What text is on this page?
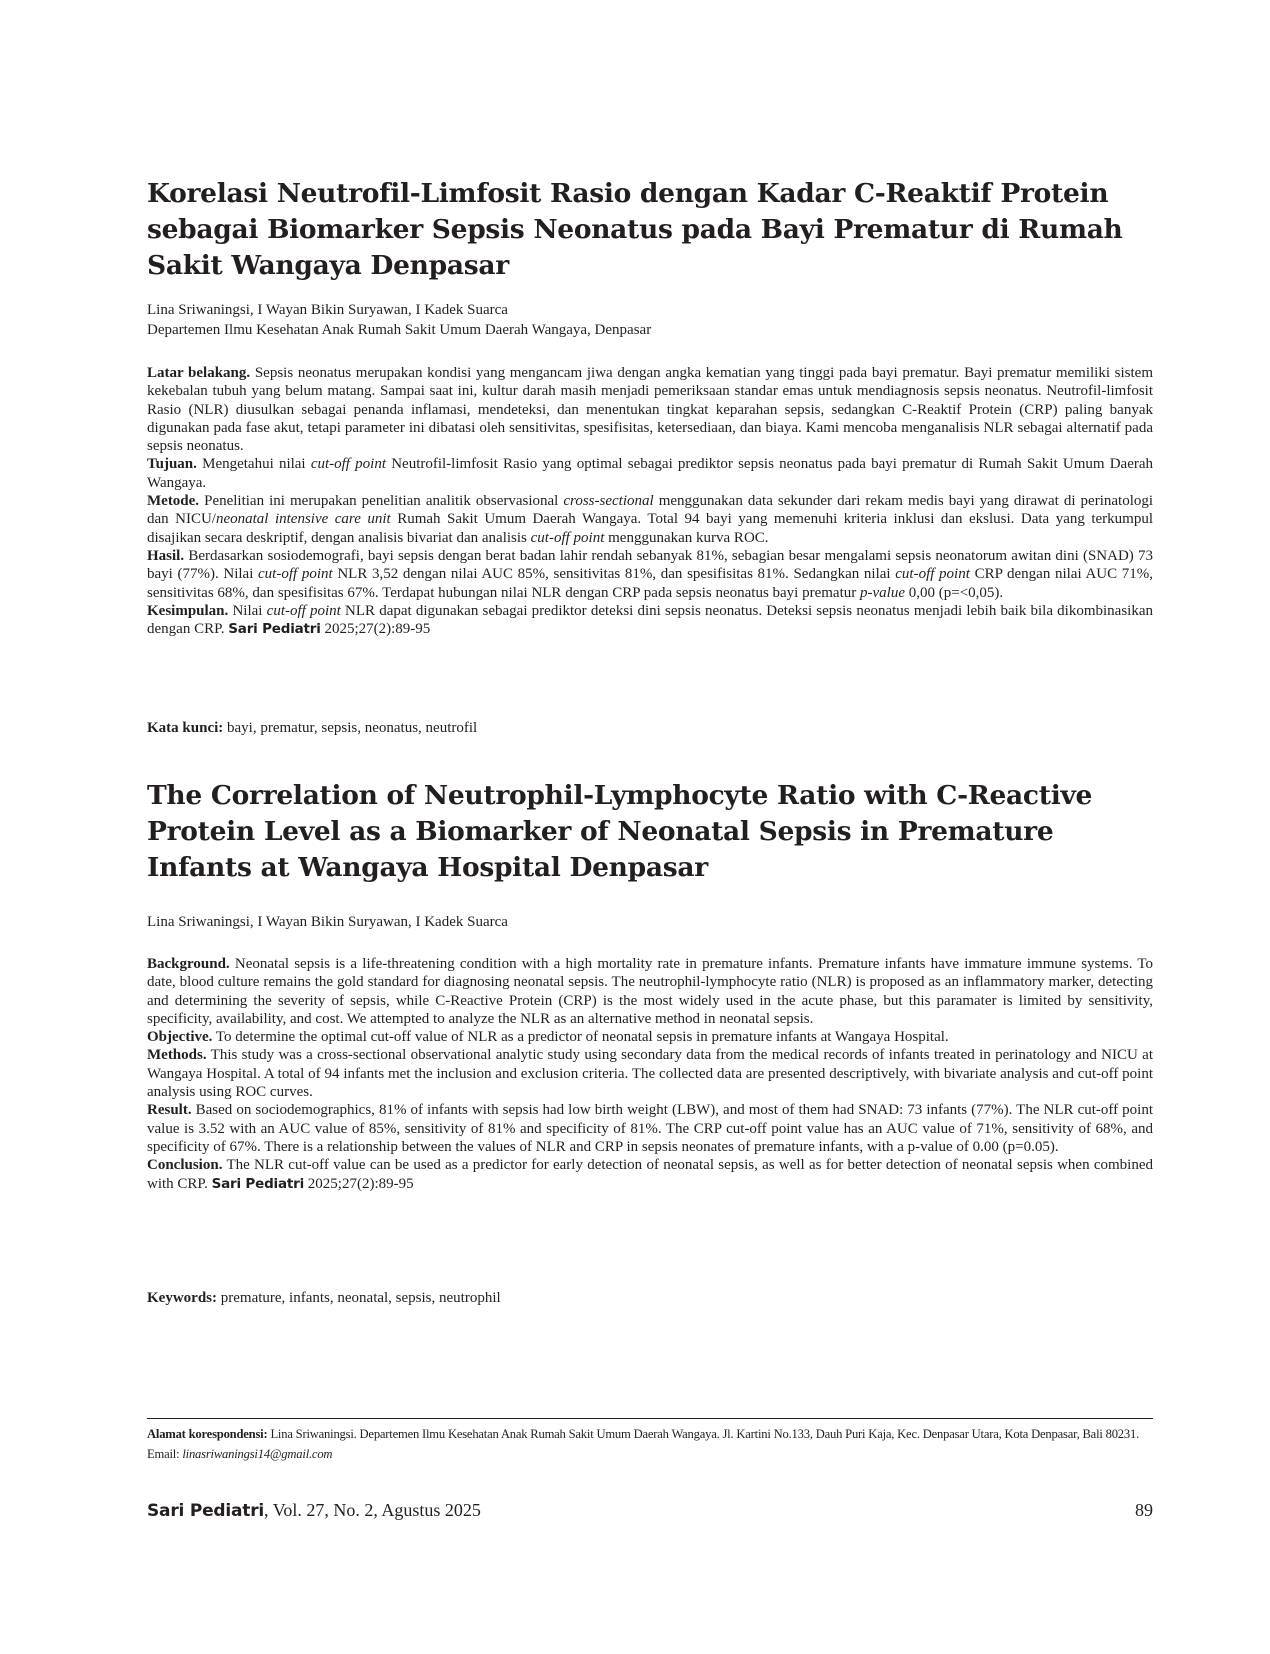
Korelasi Neutrofil-Limfosit Rasio dengan Kadar C-Reaktif Protein sebagai Biomarker Sepsis Neonatus pada Bayi Prematur di Rumah Sakit Wangaya Denpasar

Lina Sriwaningsi, I Wayan Bikin Suryawan, I Kadek Suarca

Departemen Ilmu Kesehatan Anak Rumah Sakit Umum Daerah Wangaya, Denpasar

Latar belakang. Sepsis neonatus merupakan kondisi yang mengancam jiwa dengan angka kematian yang tinggi pada bayi prematur. Bayi prematur memiliki sistem kekebalan tubuh yang belum matang. Sampai saat ini, kultur darah masih menjadi pemeriksaan standar emas untuk mendiagnosis sepsis neonatus. Neutrofil-limfosit Rasio (NLR) diusulkan sebagai penanda inflamasi, mendeteksi, dan menentukan tingkat keparahan sepsis, sedangkan C-Reaktif Protein (CRP) paling banyak digunakan pada fase akut, tetapi parameter ini dibatasi oleh sensitivitas, spesifisitas, ketersediaan, dan biaya. Kami mencoba menganalisis NLR sebagai alternatif pada sepsis neonatus.

Tujuan. Mengetahui nilai cut-off point Neutrofil-limfosit Rasio yang optimal sebagai prediktor sepsis neonatus pada bayi prematur di Rumah Sakit Umum Daerah Wangaya.

Metode. Penelitian ini merupakan penelitian analitik observasional cross-sectional menggunakan data sekunder dari rekam medis bayi yang dirawat di perinatologi dan NICU/neonatal intensive care unit Rumah Sakit Umum Daerah Wangaya. Total 94 bayi yang memenuhi kriteria inklusi dan ekslusi. Data yang terkumpul disajikan secara deskriptif, dengan analisis bivariat dan analisis cut-off point menggunakan kurva ROC.

Hasil. Berdasarkan sosiodemografi, bayi sepsis dengan berat badan lahir rendah sebanyak 81%, sebagian besar mengalami sepsis neonatorum awitan dini (SNAD) 73 bayi (77%). Nilai cut-off point NLR 3,52 dengan nilai AUC 85%, sensitivitas 81%, dan spesifisitas 81%. Sedangkan nilai cut-off point CRP dengan nilai AUC 71%, sensitivitas 68%, dan spesifisitas 67%. Terdapat hubungan nilai NLR dengan CRP pada sepsis neonatus bayi prematur p-value 0,00 (p=<0,05).

Kesimpulan. Nilai cut-off point NLR dapat digunakan sebagai prediktor deteksi dini sepsis neonatus. Deteksi sepsis neonatus menjadi lebih baik bila dikombinasikan dengan CRP. Sari Pediatri 2025;27(2):89-95

Kata kunci: bayi, prematur, sepsis, neonatus, neutrofil

The Correlation of Neutrophil-Lymphocyte Ratio with C-Reactive Protein Level as a Biomarker of Neonatal Sepsis in Premature Infants at Wangaya Hospital Denpasar

Lina Sriwaningsi, I Wayan Bikin Suryawan, I Kadek Suarca

Background. Neonatal sepsis is a life-threatening condition with a high mortality rate in premature infants. Premature infants have immature immune systems. To date, blood culture remains the gold standard for diagnosing neonatal sepsis. The neutrophil-lymphocyte ratio (NLR) is proposed as an inflammatory marker, detecting and determining the severity of sepsis, while C-Reactive Protein (CRP) is the most widely used in the acute phase, but this paramater is limited by sensitivity, specificity, availability, and cost. We attempted to analyze the NLR as an alternative method in neonatal sepsis.

Objective. To determine the optimal cut-off value of NLR as a predictor of neonatal sepsis in premature infants at Wangaya Hospital.

Methods. This study was a cross-sectional observational analytic study using secondary data from the medical records of infants treated in perinatology and NICU at Wangaya Hospital. A total of 94 infants met the inclusion and exclusion criteria. The collected data are presented descriptively, with bivariate analysis and cut-off point analysis using ROC curves.

Result. Based on sociodemographics, 81% of infants with sepsis had low birth weight (LBW), and most of them had SNAD: 73 infants (77%). The NLR cut-off point value is 3.52 with an AUC value of 85%, sensitivity of 81% and specificity of 81%. The CRP cut-off point value has an AUC value of 71%, sensitivity of 68%, and specificity of 67%. There is a relationship between the values of NLR and CRP in sepsis neonates of premature infants, with a p-value of 0.00 (p=0.05).

Conclusion. The NLR cut-off value can be used as a predictor for early detection of neonatal sepsis, as well as for better detection of neonatal sepsis when combined with CRP. Sari Pediatri 2025;27(2):89-95

Keywords: premature, infants, neonatal, sepsis, neutrophil

Alamat korespondensi: Lina Sriwaningsi. Departemen Ilmu Kesehatan Anak Rumah Sakit Umum Daerah Wangaya. Jl. Kartini No.133, Dauh Puri Kaja, Kec. Denpasar Utara, Kota Denpasar, Bali 80231. Email: linasriwaningsi14@gmail.com
Sari Pediatri, Vol. 27, No. 2, Agustus 2025	89
